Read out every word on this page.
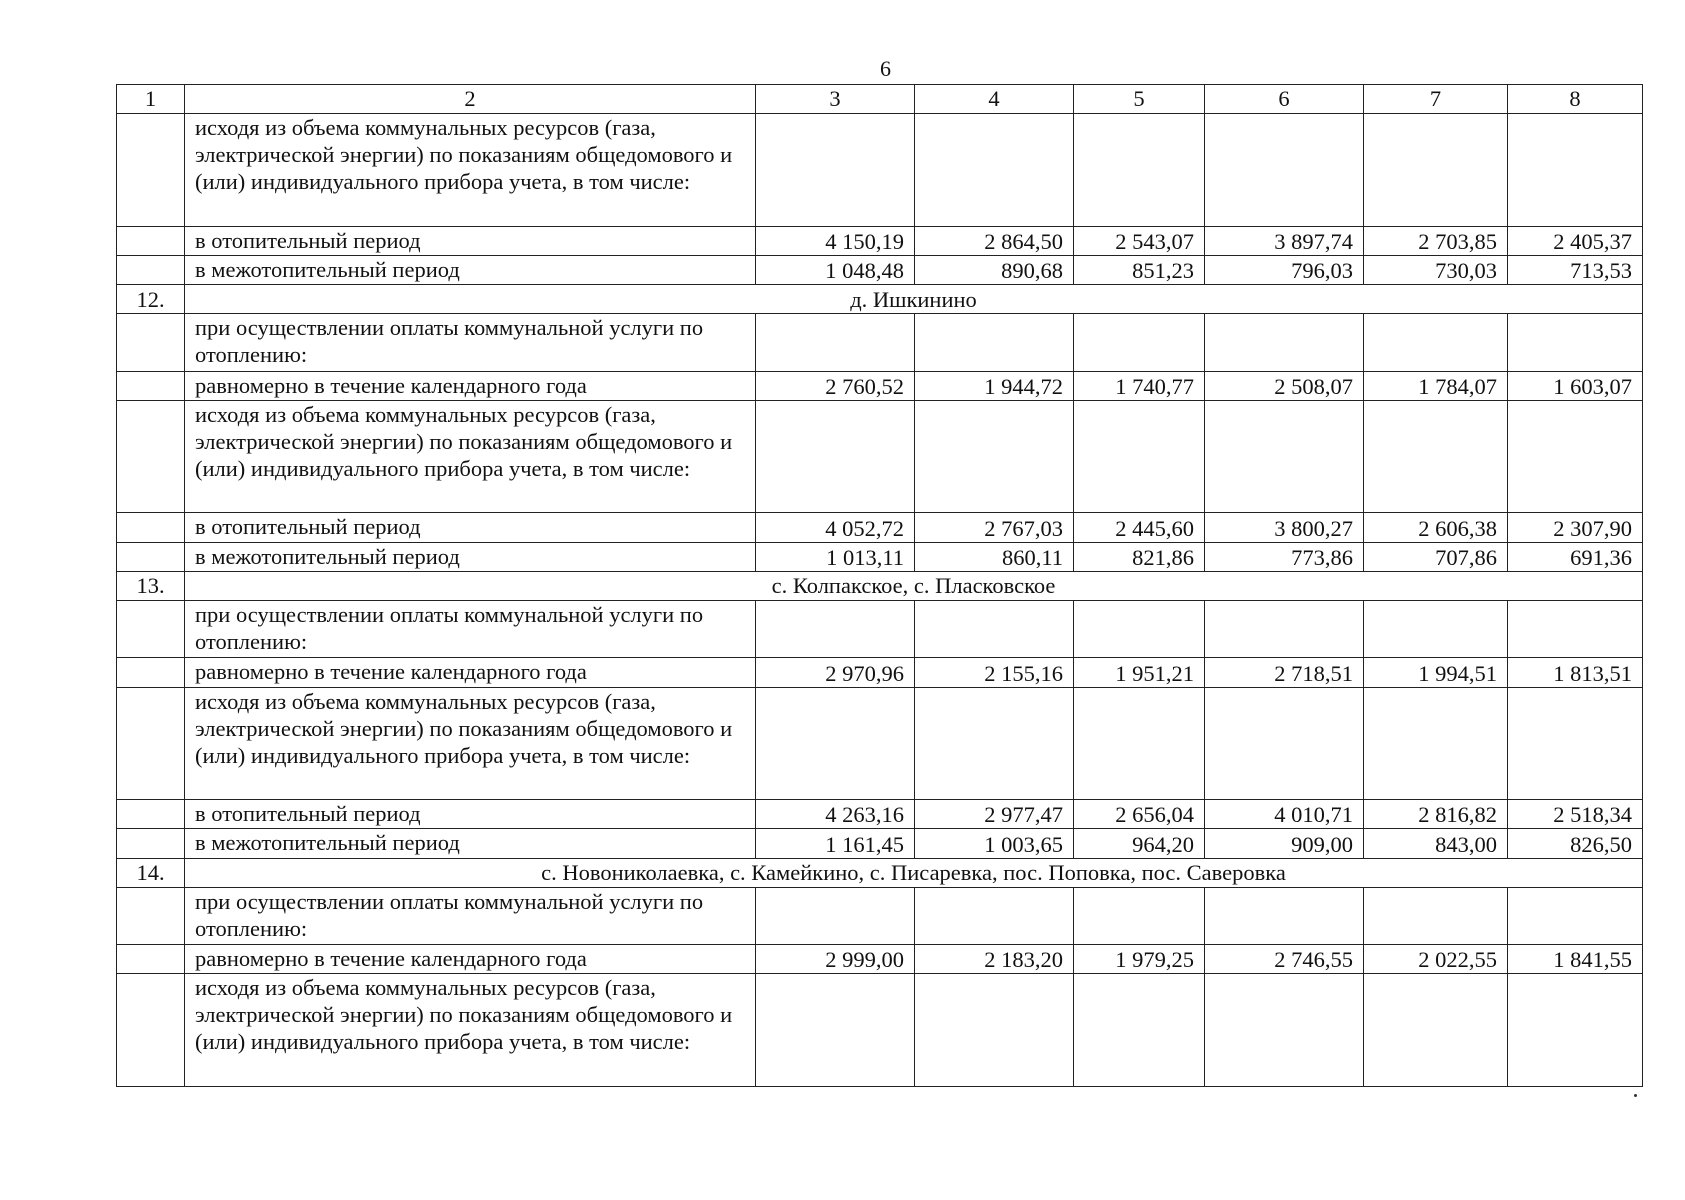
6
1	2	3	4	5	6	7	8
	исходя из объема коммунальных ресурсов (газа, электрической энергии) по показаниям общедомового и (или) индивидуального прибора учета, в том числе:						
	в отопительный период	4 150,19	2 864,50	2 543,07	3 897,74	2 703,85	2 405,37
	в межотопительный период	1 048,48	890,68	851,23	796,03	730,03	713,53
12.	д. Ишкинино						
	при осуществлении оплаты коммунальной услуги по отоплению:						
	равномерно в течение календарного года	2 760,52	1 944,72	1 740,77	2 508,07	1 784,07	1 603,07
	исходя из объема коммунальных ресурсов (газа, электрической энергии) по показаниям общедомового и (или) индивидуального прибора учета, в том числе:						
	в отопительный период	4 052,72	2 767,03	2 445,60	3 800,27	2 606,38	2 307,90
	в межотопительный период	1 013,11	860,11	821,86	773,86	707,86	691,36
13.	с. Колпакское, с. Пласковское						
	при осуществлении оплаты коммунальной услуги по отоплению:						
	равномерно в течение календарного года	2 970,96	2 155,16	1 951,21	2 718,51	1 994,51	1 813,51
	исходя из объема коммунальных ресурсов (газа, электрической энергии) по показаниям общедомового и (или) индивидуального прибора учета, в том числе:						
	в отопительный период	4 263,16	2 977,47	2 656,04	4 010,71	2 816,82	2 518,34
	в межотопительный период	1 161,45	1 003,65	964,20	909,00	843,00	826,50
14.	с. Новониколаевка, с. Камейкино, с. Писаревка, пос. Поповка, пос. Саверовка						
	при осуществлении оплаты коммунальной услуги по отоплению:						
	равномерно в течение календарного года	2 999,00	2 183,20	1 979,25	2 746,55	2 022,55	1 841,55
	исходя из объема коммунальных ресурсов (газа, электрической энергии) по показаниям общедомового и (или) индивидуального прибора учета, в том числе:						
